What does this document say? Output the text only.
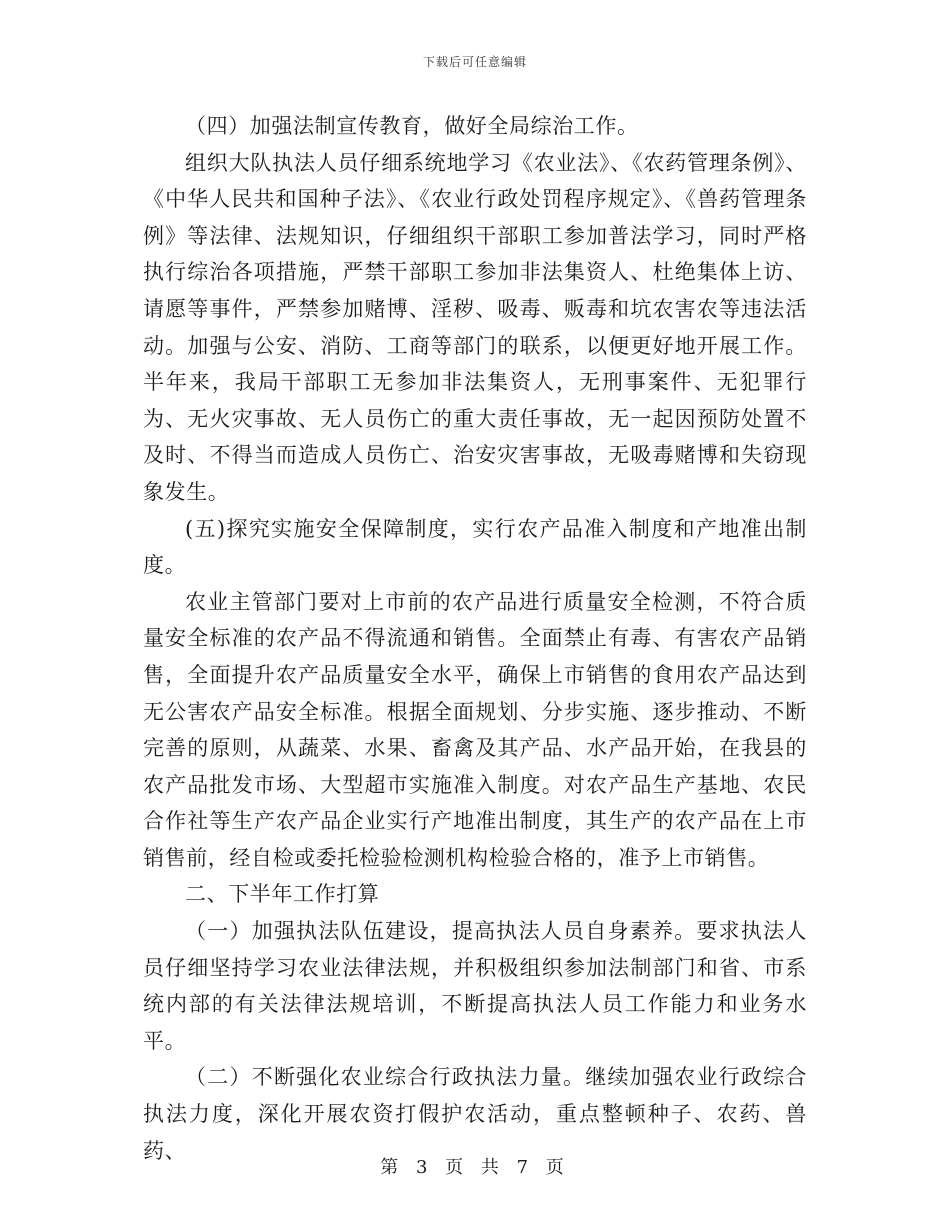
下载后可任意编辑

（四）加强法制宣传教育，做好全局综治工作。

组织大队执法人员仔细系统地学习《农业法》、《农药管理条例》、《中华人民共和国种子法》、《农业行政处罚程序规定》、《兽药管理条例》等法律、法规知识，仔细组织干部职工参加普法学习，同时严格执行综治各项措施，严禁干部职工参加非法集资人、杜绝集体上访、请愿等事件，严禁参加赌博、淫秽、吸毒、贩毒和坑农害农等违法活动。加强与公安、消防、工商等部门的联系，以便更好地开展工作。半年来，我局干部职工无参加非法集资人，无刑事案件、无犯罪行为、无火灾事故、无人员伤亡的重大责任事故，无一起因预防处置不及时、不得当而造成人员伤亡、治安灾害事故，无吸毒赌博和失窃现象发生。

(五)探究实施安全保障制度，实行农产品准入制度和产地准出制度。

农业主管部门要对上市前的农产品进行质量安全检测，不符合质量安全标准的农产品不得流通和销售。全面禁止有毒、有害农产品销售，全面提升农产品质量安全水平，确保上市销售的食用农产品达到无公害农产品安全标准。根据全面规划、分步实施、逐步推动、不断完善的原则，从蔬菜、水果、畜禽及其产品、水产品开始，在我县的农产品批发市场、大型超市实施准入制度。对农产品生产基地、农民合作社等生产农产品企业实行产地准出制度，其生产的农产品在上市销售前，经自检或委托检验检测机构检验合格的，准予上市销售。

二、下半年工作打算

（一）加强执法队伍建设，提高执法人员自身素养。要求执法人员仔细坚持学习农业法律法规，并积极组织参加法制部门和省、市系统内部的有关法律法规培训，不断提高执法人员工作能力和业务水平。

（二）不断强化农业综合行政执法力量。继续加强农业行政综合执法力度，深化开展农资打假护农活动，重点整顿种子、农药、兽药、

第 3 页 共 7 页
